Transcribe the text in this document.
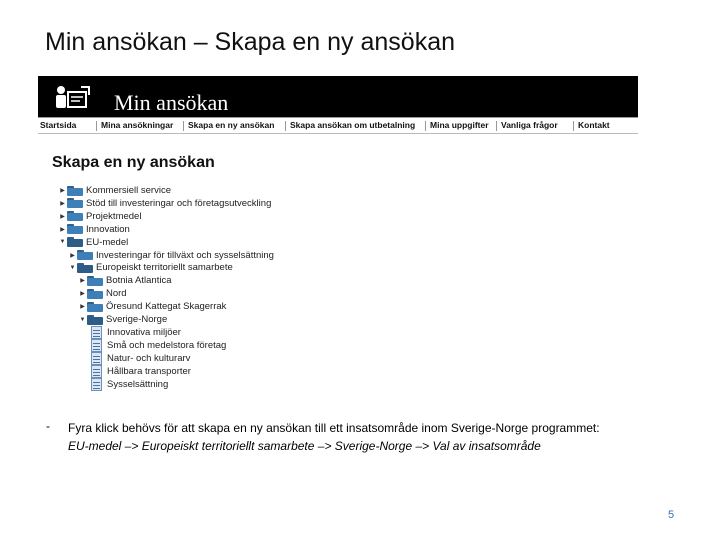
Min ansökan – Skapa en ny ansökan
Min ansökan
Startsida	Mina ansökningar Skapa en ny ansökan Skapa ansökan om utbetalning Mina uppgifter Vanliga frågor Kontakt
Skapa en ny ansökan
▶ Kommersiell service
▶ Stöd till investeringar och företagsutveckling
▶ Projektmedel
▶ Innovation
▼ EU-medel
▶ Investeringar för tillväxt och sysselsättning
▼ Europeiskt territoriellt samarbete
▶ Botnia Atlantica
▶ Nord
▶ Öresund Kattegat Skagerrak
▼ Sverige-Norge
Innovativa miljöer
Små och medelstora företag
Natur- och kulturarv
Hållbara transporter
Sysselsättning
- Fyra klick behövs för att skapa en ny ansökan till ett insatsområde inom Sverige-Norge programmet:
EU-medel –> Europeiskt territoriellt samarbete –> Sverige-Norge –> Val av insatsområde
5
